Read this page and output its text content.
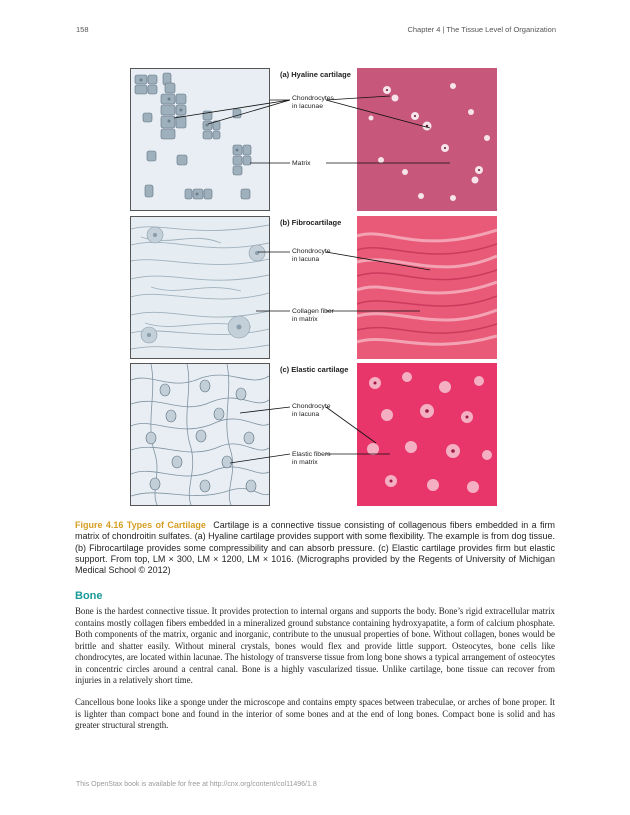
158	Chapter 4 | The Tissue Level of Organization
(a) Hyaline cartilage
Chondrocytes
in lacunae
Matrix
(b) Fibrocartilage
Chondrocyte
in lacuna
Collagen fiber
in matrix
(c) Elastic cartilage
Chondrocyte
in lacuna
Elastic fibers
in matrix
Figure 4.16 Types of Cartilage Cartilage is a connective tissue consisting of collagenous fibers embedded in a firm matrix of chondroitin sulfates. (a) Hyaline cartilage provides support with some flexibility. The example is from dog tissue. (b) Fibrocartilage provides some compressibility and can absorb pressure. (c) Elastic cartilage provides firm but elastic support. From top, LM × 300, LM × 1200, LM × 1016. (Micrographs provided by the Regents of University of Michigan Medical School © 2012)
Bone

Bone is the hardest connective tissue. It provides protection to internal organs and supports the body. Bone’s rigid extracellular matrix contains mostly collagen fibers embedded in a mineralized ground substance containing hydroxyapatite, a form of calcium phosphate. Both components of the matrix, organic and inorganic, contribute to the unusual properties of bone. Without collagen, bones would be brittle and shatter easily. Without mineral crystals, bones would flex and provide little support. Osteocytes, bone cells like chondrocytes, are located within lacunae. The histology of transverse tissue from long bone shows a typical arrangement of osteocytes in concentric circles around a central canal. Bone is a highly vascularized tissue. Unlike cartilage, bone tissue can recover from injuries in a relatively short time.

Cancellous bone looks like a sponge under the microscope and contains empty spaces between trabeculae, or arches of bone proper. It is lighter than compact bone and found in the interior of some bones and at the end of long bones. Compact bone is solid and has greater structural strength.

This OpenStax book is available for free at http://cnx.org/content/col11496/1.8
